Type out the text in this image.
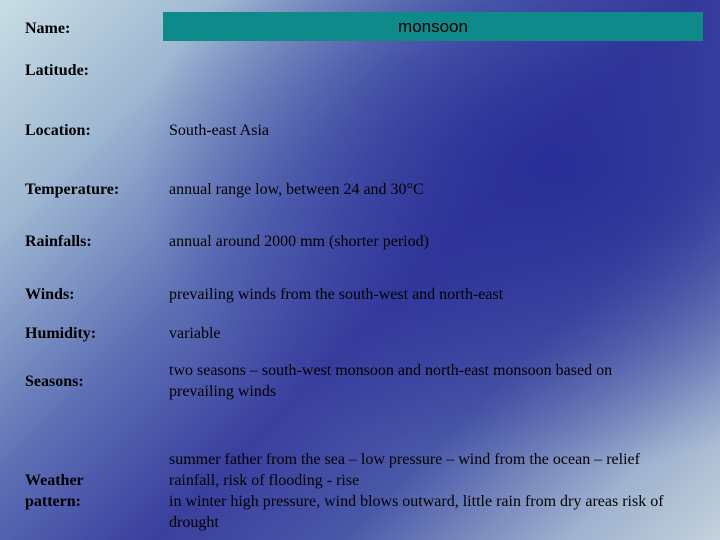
Name:	monsoon
Latitude:
Location:	South-east Asia
Temperature:	annual range low, between 24 and 30°C
Rainfalls:	annual around 2000 mm (shorter period)
Winds:	prevailing winds from the south-west and north-east
Humidity:	variable
Seasons:
two seasons – south-west monsoon and north-east monsoon based on prevailing winds
Weather
pattern:
summer father from the sea – low pressure – wind from the ocean – relief rainfall, risk of flooding - rise
in winter high pressure, wind blows outward, little rain from dry areas risk of drought
